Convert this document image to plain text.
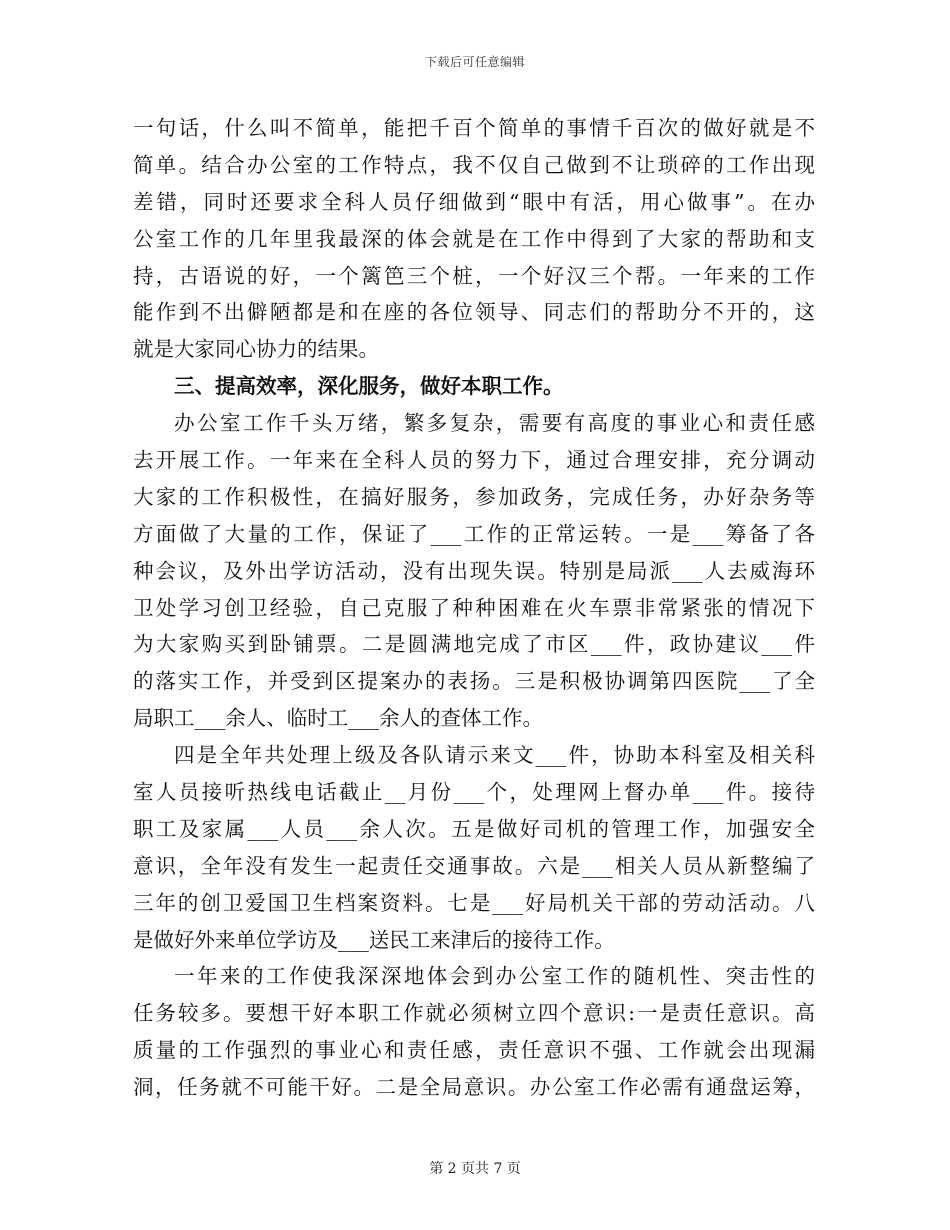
下载后可任意编辑
一句话，什么叫不简单，能把千百个简单的事情千百次的做好就是不
简单。结合办公室的工作特点，我不仅自己做到不让琐碎的工作出现
差错，同时还要求全科人员仔细做到“眼中有活，用心做事”。在办
公室工作的几年里我最深的体会就是在工作中得到了大家的帮助和支
持，古语说的好，一个篱笆三个桩，一个好汉三个帮。一年来的工作
能作到不出僻陋都是和在座的各位领导、同志们的帮助分不开的，这
就是大家同心协力的结果。
三、提高效率，深化服务，做好本职工作。
办公室工作千头万绪，繁多复杂，需要有高度的事业心和责任感
去开展工作。一年来在全科人员的努力下，通过合理安排，充分调动
大家的工作积极性，在搞好服务，参加政务，完成任务，办好杂务等
方面做了大量的工作，保证了___工作的正常运转。一是___筹备了各
种会议，及外出学访活动，没有出现失误。特别是局派___人去威海环
卫处学习创卫经验，自己克服了种种困难在火车票非常紧张的情况下
为大家购买到卧铺票。二是圆满地完成了市区___件，政协建议___件
的落实工作，并受到区提案办的表扬。三是积极协调第四医院___了全
局职工___余人、临时工___余人的查体工作。
四是全年共处理上级及各队请示来文___件，协助本科室及相关科
室人员接听热线电话截止__月份___个，处理网上督办单___件。接待
职工及家属___人员___余人次。五是做好司机的管理工作，加强安全
意识，全年没有发生一起责任交通事故。六是___相关人员从新整编了
三年的创卫爱国卫生档案资料。七是___好局机关干部的劳动活动。八
是做好外来单位学访及___送民工来津后的接待工作。
一年来的工作使我深深地体会到办公室工作的随机性、突击性的
任务较多。要想干好本职工作就必须树立四个意识:一是责任意识。高
质量的工作强烈的事业心和责任感，责任意识不强、工作就会出现漏
洞，任务就不可能干好。二是全局意识。办公室工作必需有通盘运筹，
第 2 页共 7 页
